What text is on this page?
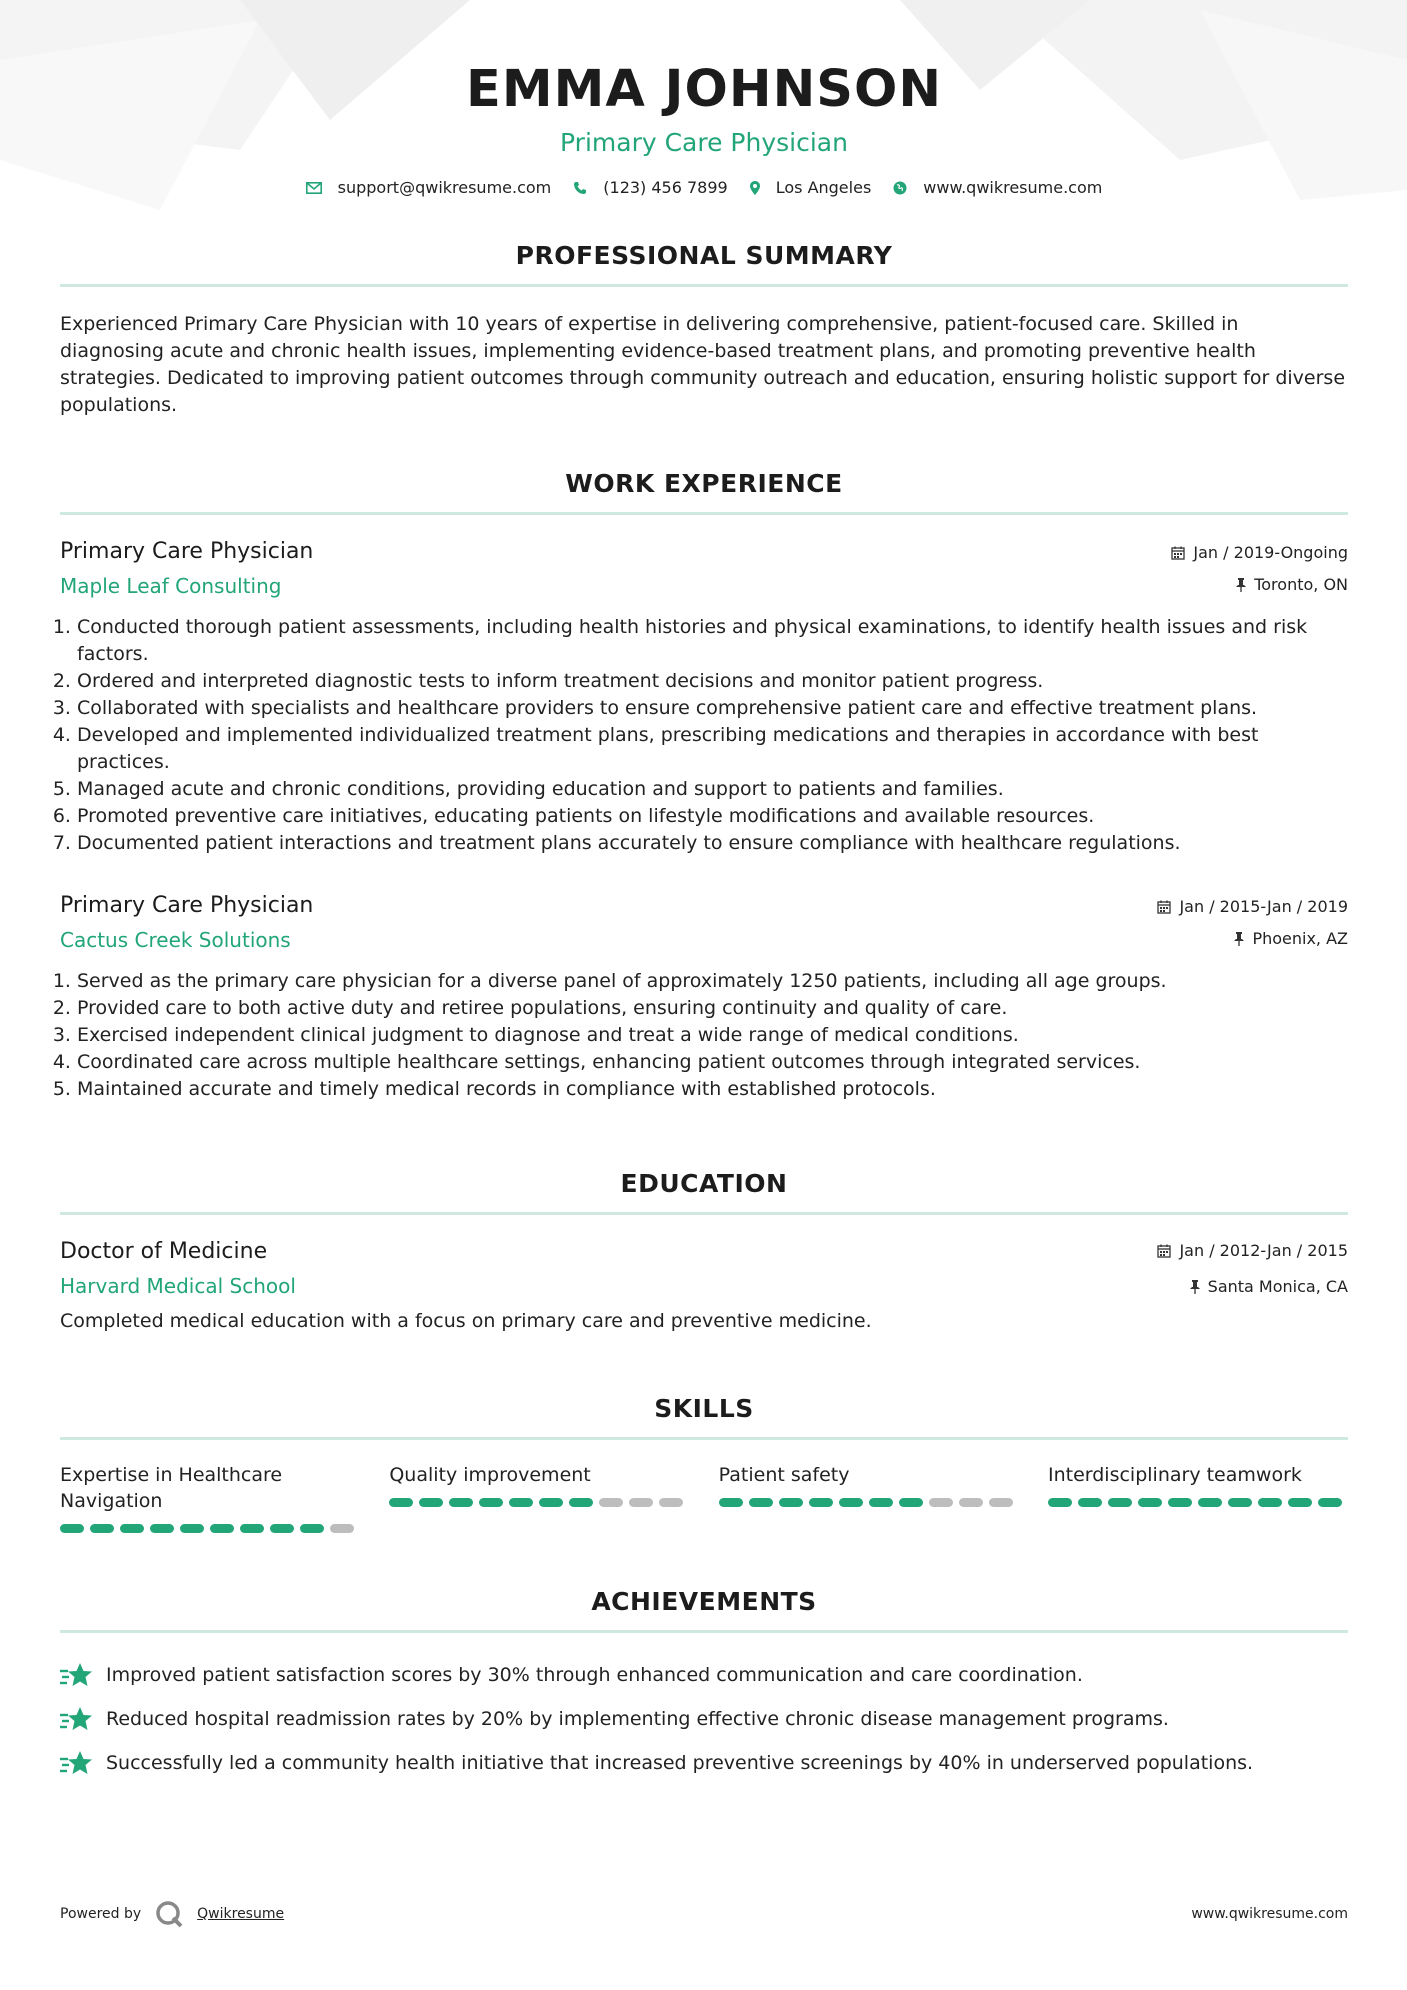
EMMA JOHNSON
Primary Care Physician
support@qwikresume.com	(123) 456 7899	Los Angeles	www.qwikresume.com
PROFESSIONAL SUMMARY
Experienced Primary Care Physician with 10 years of expertise in delivering comprehensive, patient-focused care. Skilled in diagnosing acute and chronic health issues, implementing evidence-based treatment plans, and promoting preventive health strategies. Dedicated to improving patient outcomes through community outreach and education, ensuring holistic support for diverse populations.
WORK EXPERIENCE
Jan / 2019-Ongoing
Toronto, ON
Primary Care Physician
Maple Leaf Consulting
1. Conducted thorough patient assessments, including health histories and physical examinations, to identify health issues and risk factors.
2. Ordered and interpreted diagnostic tests to inform treatment decisions and monitor patient progress.
3. Collaborated with specialists and healthcare providers to ensure comprehensive patient care and effective treatment plans.
4. Developed and implemented individualized treatment plans, prescribing medications and therapies in accordance with best practices.
5. Managed acute and chronic conditions, providing education and support to patients and families.
6. Promoted preventive care initiatives, educating patients on lifestyle modifications and available resources.
7. Documented patient interactions and treatment plans accurately to ensure compliance with healthcare regulations.
Jan / 2015-Jan / 2019
Phoenix, AZ
Primary Care Physician
Cactus Creek Solutions
1. Served as the primary care physician for a diverse panel of approximately 1250 patients, including all age groups.
2. Provided care to both active duty and retiree populations, ensuring continuity and quality of care.
3. Exercised independent clinical judgment to diagnose and treat a wide range of medical conditions.
4. Coordinated care across multiple healthcare settings, enhancing patient outcomes through integrated services.
5. Maintained accurate and timely medical records in compliance with established protocols.
EDUCATION
Jan / 2012-Jan / 2015
Santa Monica, CA
Doctor of Medicine
Harvard Medical School
Completed medical education with a focus on primary care and preventive medicine.
SKILLS
Expertise in Healthcare Navigation
Quality improvement	Patient safety	Interdisciplinary teamwork
ACHIEVEMENTS
Improved patient satisfaction scores by 30% through enhanced communication and care coordination.
Reduced hospital readmission rates by 20% by implementing effective chronic disease management programs.
Successfully led a community health initiative that increased preventive screenings by 40% in underserved populations.
Powered by	Qwikresume	www.qwikresume.com
